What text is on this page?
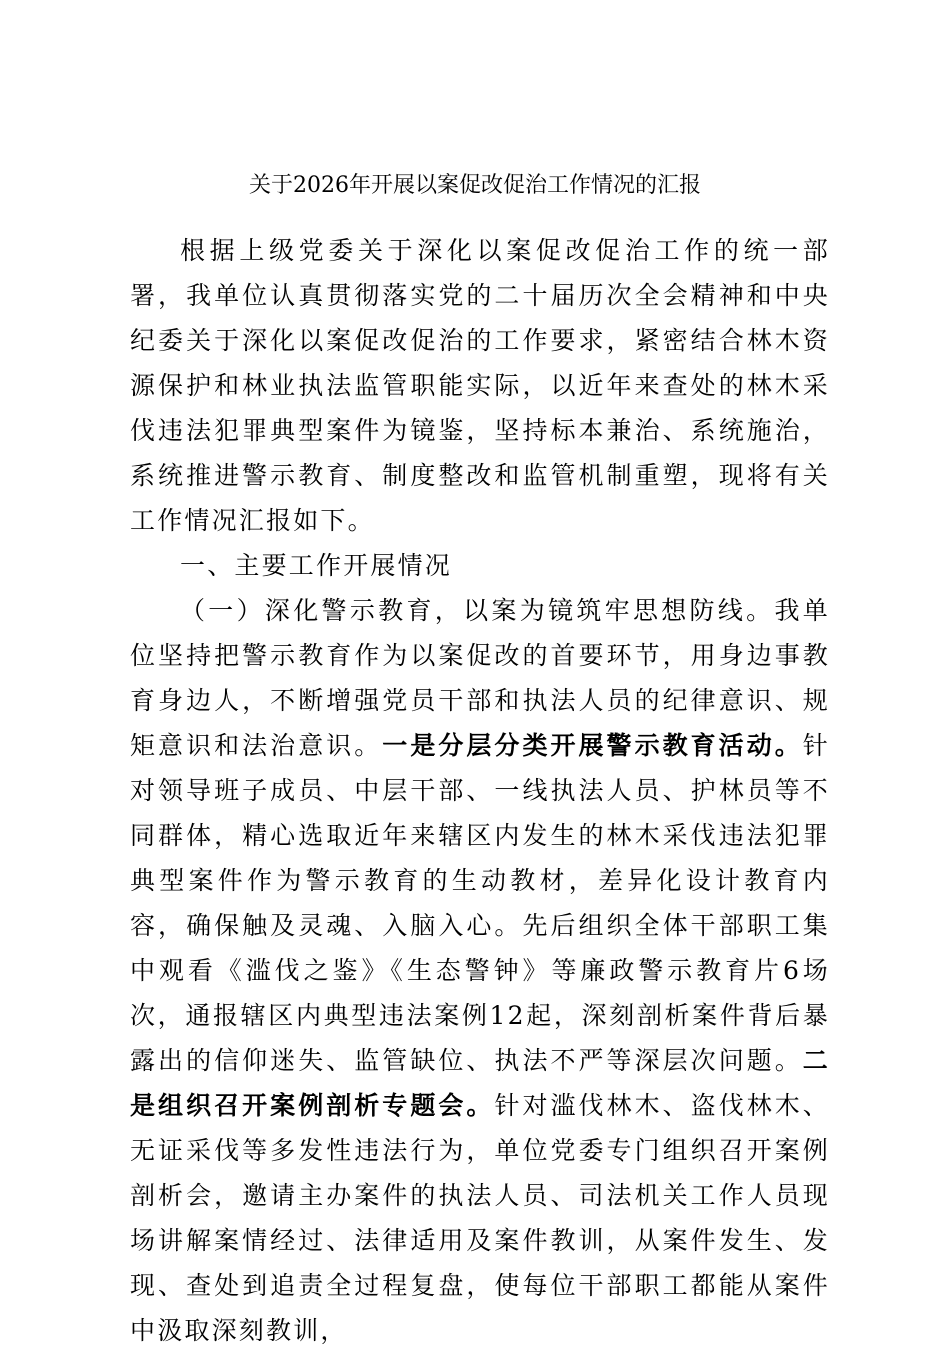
关于2026年开展以案促改促治工作情况的汇报

根据上级党委关于深化以案促改促治工作的统一部署，我单位认真贯彻落实党的二十届历次全会精神和中央纪委关于深化以案促改促治的工作要求，紧密结合林木资源保护和林业执法监管职能实际，以近年来查处的林木采伐违法犯罪典型案件为镜鉴，坚持标本兼治、系统施治，系统推进警示教育、制度整改和监管机制重塑，现将有关工作情况汇报如下。

一、主要工作开展情况

（一）深化警示教育，以案为镜筑牢思想防线。我单位坚持把警示教育作为以案促改的首要环节，用身边事教育身边人，不断增强党员干部和执法人员的纪律意识、规矩意识和法治意识。一是分层分类开展警示教育活动。针对领导班子成员、中层干部、一线执法人员、护林员等不同群体，精心选取近年来辖区内发生的林木采伐违法犯罪典型案件作为警示教育的生动教材，差异化设计教育内容，确保触及灵魂、入脑入心。先后组织全体干部职工集中观看《滥伐之鉴》《生态警钟》等廉政警示教育片6场次，通报辖区内典型违法案例12起，深刻剖析案件背后暴露出的信仰迷失、监管缺位、执法不严等深层次问题。二是组织召开案例剖析专题会。针对滥伐林木、盗伐林木、无证采伐等多发性违法行为，单位党委专门组织召开案例剖析会，邀请主办案件的执法人员、司法机关工作人员现场讲解案情经过、法律适用及案件教训，从案件发生、发现、查处到追责全过程复盘，使每位干部职工都能从案件中汲取深刻教训，
